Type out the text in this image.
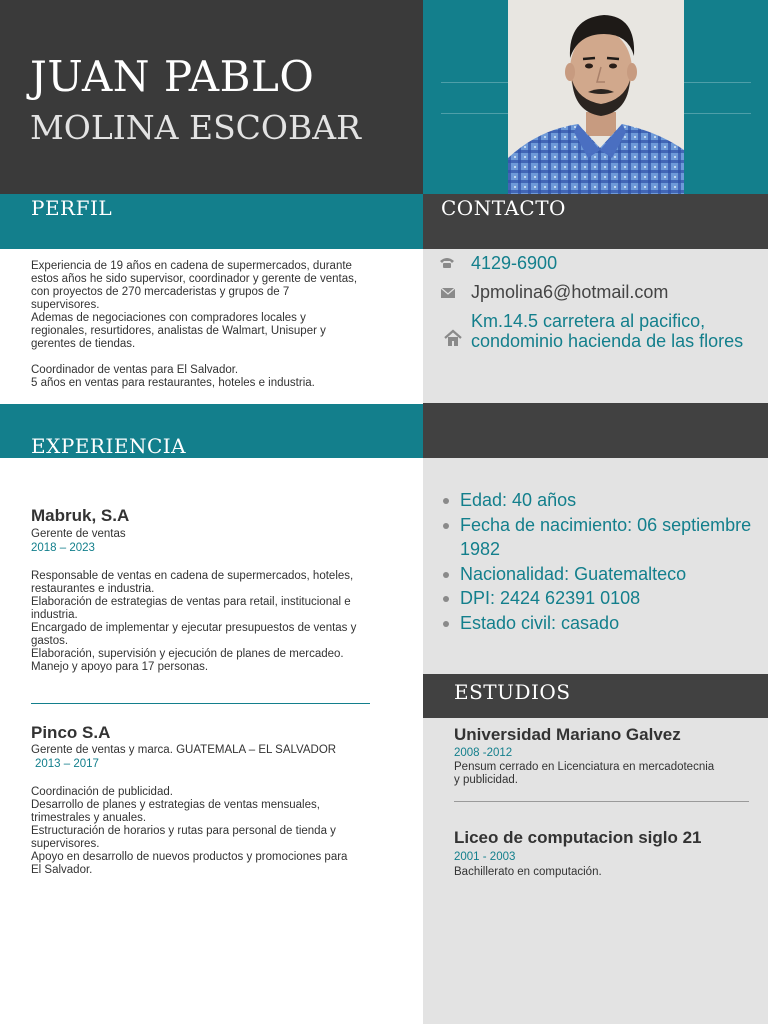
JUAN PABLO
MOLINA ESCOBAR
PERFIL	CONTACTO
Experiencia de 19 años en cadena de supermercados, durante
estos años he sido supervisor, coordinador y gerente de ventas,
con proyectos de 270 mercaderistas y grupos de 7
supervisores.
Ademas de negociaciones con compradores locales y
regionales, resurtidores, analistas de Walmart, Unisuper y
gerentes de tiendas.
Coordinador de ventas para El Salvador.
5 años en ventas para restaurantes, hoteles e industria.
4129-6900
Jpmolina6@hotmail.com
Km.14.5 carretera al pacifico,
condominio hacienda de las flores
EXPERIENCIA
Edad: 40 años
Fecha de nacimiento: 06 septiembre 1982
Nacionalidad: Guatemalteco
DPI: 2424 62391 0108
Estado civil: casado
Mabruk, S.A
Gerente de ventas
2018 – 2023
Responsable de ventas en cadena de supermercados, hoteles,
restaurantes e industria.
Elaboración de estrategias de ventas para retail, institucional e
industria.
Encargado de implementar y ejecutar presupuestos de ventas y
gastos.
Elaboración, supervisión y ejecución de planes de mercadeo.
Manejo y apoyo para 17 personas.
Pinco S.A
Gerente de ventas y marca. GUATEMALA – EL SALVADOR
2013 – 2017
Coordinación de publicidad.
Desarrollo de planes y estrategias de ventas mensuales,
trimestrales y anuales.
Estructuración de horarios y rutas para personal de tienda y
supervisores.
Apoyo en desarrollo de nuevos productos y promociones para
El Salvador.
ESTUDIOS
Universidad Mariano Galvez
2008 -2012
Pensum cerrado en Licenciatura en mercadotecnia
y publicidad.
Liceo de computacion siglo 21
2001 - 2003
Bachillerato en computación.
